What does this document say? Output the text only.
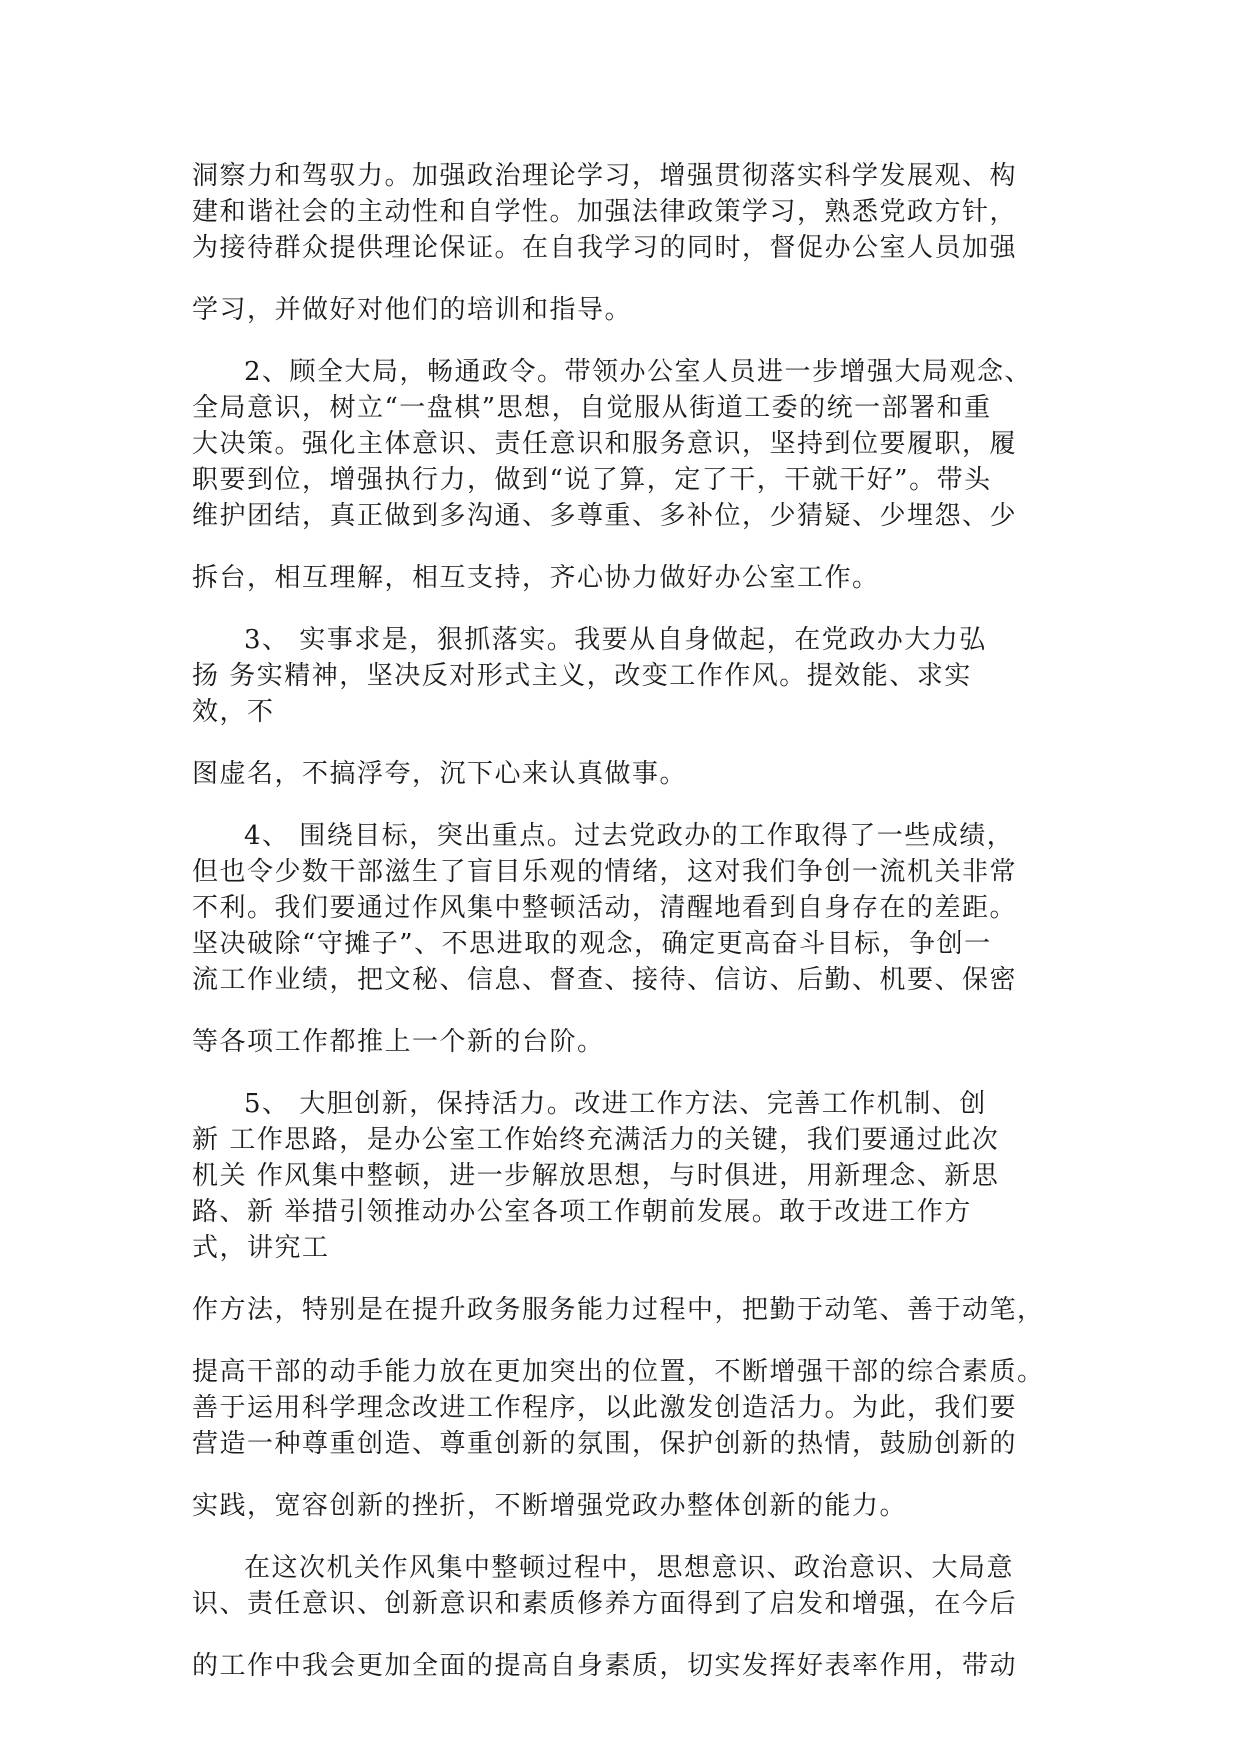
洞察力和驾驭力。加强政治理论学习，增强贯彻落实科学发展观、构
建和谐社会的主动性和自学性。加强法律政策学习，熟悉党政方针，
为接待群众提供理论保证。在自我学习的同时，督促办公室人员加强
学习，并做好对他们的培训和指导。
2、顾全大局，畅通政令。带领办公室人员进一步增强大局观念、
全局意识，树立“一盘棋”思想，自觉服从街道工委的统一部署和重
大决策。强化主体意识、责任意识和服务意识，坚持到位要履职，履
职要到位，增强执行力，做到“说了算，定了干，干就干好”。带头
维护团结，真正做到多沟通、多尊重、多补位，少猜疑、少埋怨、少
拆台，相互理解，相互支持，齐心协力做好办公室工作。
3、 实事求是，狠抓落实。我要从自身做起，在党政办大力弘
扬 务实精神，坚决反对形式主义，改变工作作风。提效能、求实
效，不
图虚名，不搞浮夸，沉下心来认真做事。
4、 围绕目标，突出重点。过去党政办的工作取得了一些成绩，
但也令少数干部滋生了盲目乐观的情绪，这对我们争创一流机关非常
不利。我们要通过作风集中整顿活动，清醒地看到自身存在的差距。
坚决破除“守摊子”、不思进取的观念，确定更高奋斗目标，争创一
流工作业绩，把文秘、信息、督查、接待、信访、后勤、机要、保密
等各项工作都推上一个新的台阶。
5、 大胆创新，保持活力。改进工作方法、完善工作机制、创
新 工作思路，是办公室工作始终充满活力的关键，我们要通过此次
机关 作风集中整顿，进一步解放思想，与时俱进，用新理念、新思
路、新 举措引领推动办公室各项工作朝前发展。敢于改进工作方
式，讲究工
作方法，特别是在提升政务服务能力过程中，把勤于动笔、善于动笔，
提高干部的动手能力放在更加突出的位置，不断增强干部的综合素质。
善于运用科学理念改进工作程序，以此激发创造活力。为此，我们要
营造一种尊重创造、尊重创新的氛围，保护创新的热情，鼓励创新的
实践，宽容创新的挫折，不断增强党政办整体创新的能力。
在这次机关作风集中整顿过程中，思想意识、政治意识、大局意
识、责任意识、创新意识和素质修养方面得到了启发和增强，在今后
的工作中我会更加全面的提高自身素质，切实发挥好表率作用，带动
